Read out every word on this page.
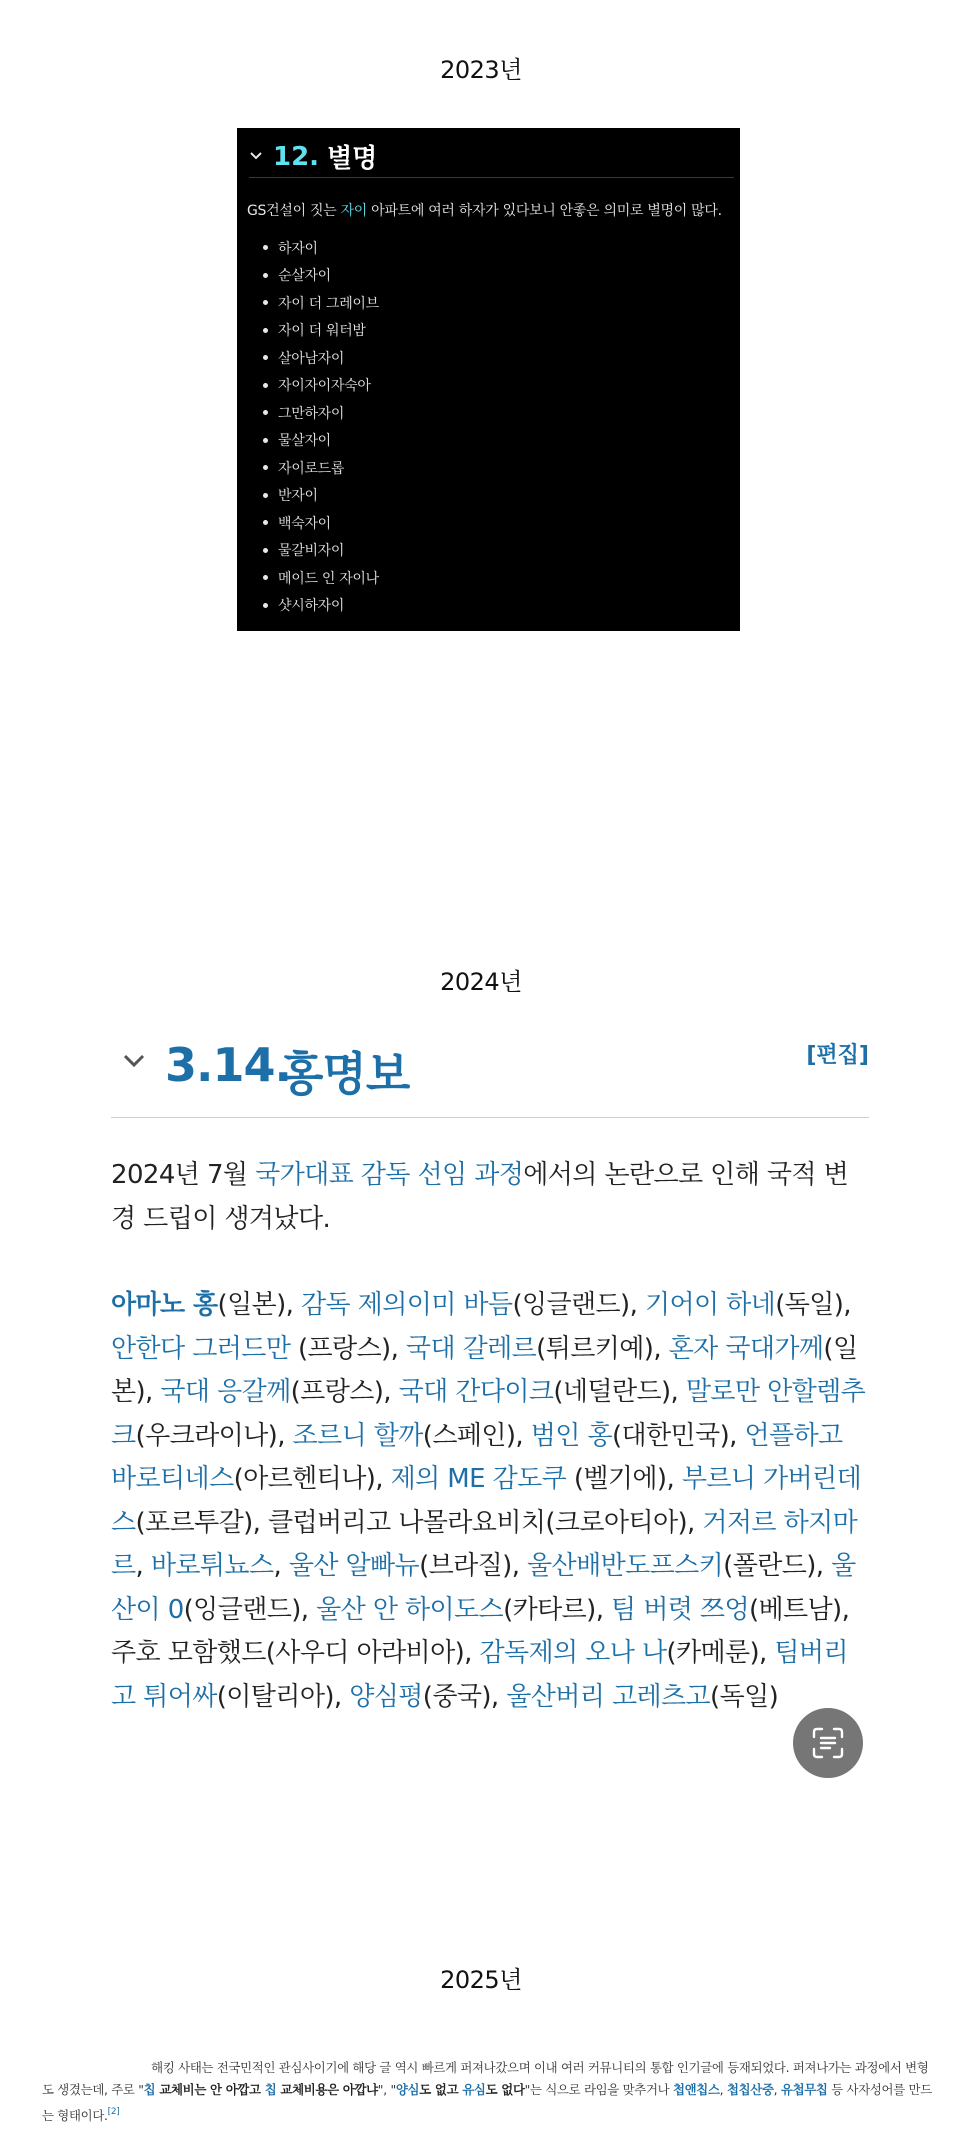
2023년
12. 별명
GS건설이 짓는 자이 아파트에 여러 하자가 있다보니 안좋은 의미로 별명이 많다.
하자이
순살자이
자이 더 그레이브
자이 더 워터밤
살아남자이
자이자이자숙아
그만하자이
물살자이
자이로드롭
반자이
백숙자이
물갈비자이
메이드 인 자이나
샷시하자이
2024년
3.14.
홍명보	[편집]
2024년 7월 국가대표 감독 선임 과정에서의 논란으로 인해 국적 변경 드립이 생겨났다.
아마노 홍(일본), 감독 제의이미 바듬(잉글랜드), 기어이 하네(독일), 안한다 그러드만 (프랑스), 국대 갈레르(튀르키예), 혼자 국대가께(일본), 국대 응갈께(프랑스), 국대 간다이크(네덜란드), 말로만 안할렘추크(우크라이나), 조르니 할까(스페인), 범인 홍(대한민국), 언플하고 바로티네스(아르헨티나), 제의 ME 감도쿠 (벨기에), 부르니 가버린데스(포르투갈), 클럽버리고 나몰라요비치(크로아티아), 거저르 하지마르, 바로튀뇨스, 울산 알빠뉴(브라질), 울산배반도프스키(폴란드), 울산이 0(잉글랜드), 울산 안 하이도스(카타르), 팀 버렷 쯔엉(베트남), 주호 모함했드(사우디 아라비아), 감독제의 오나 나(카메룬), 팀버리고 튀어싸(이탈리아), 양심평(중국), 울산버리 고레츠고(독일)
2025년
해킹 사태는 전국민적인 관심사이기에 해당 글 역시 빠르게 퍼져나갔으며 이내 여러 커뮤니티의 통합 인기글에 등재되었다. 퍼져나가는 과정에서 변형도 생겼는데, 주로 "칩 교체비는 안 아깝고 칩 교체비용은 아깝냐", "양심도 없고 유심도 없다"는 식으로 라임을 맞추거나 첩앤칩스, 첩칩산중, 유첩무칩 등 사자성어를 만드는 형태이다.[2]
